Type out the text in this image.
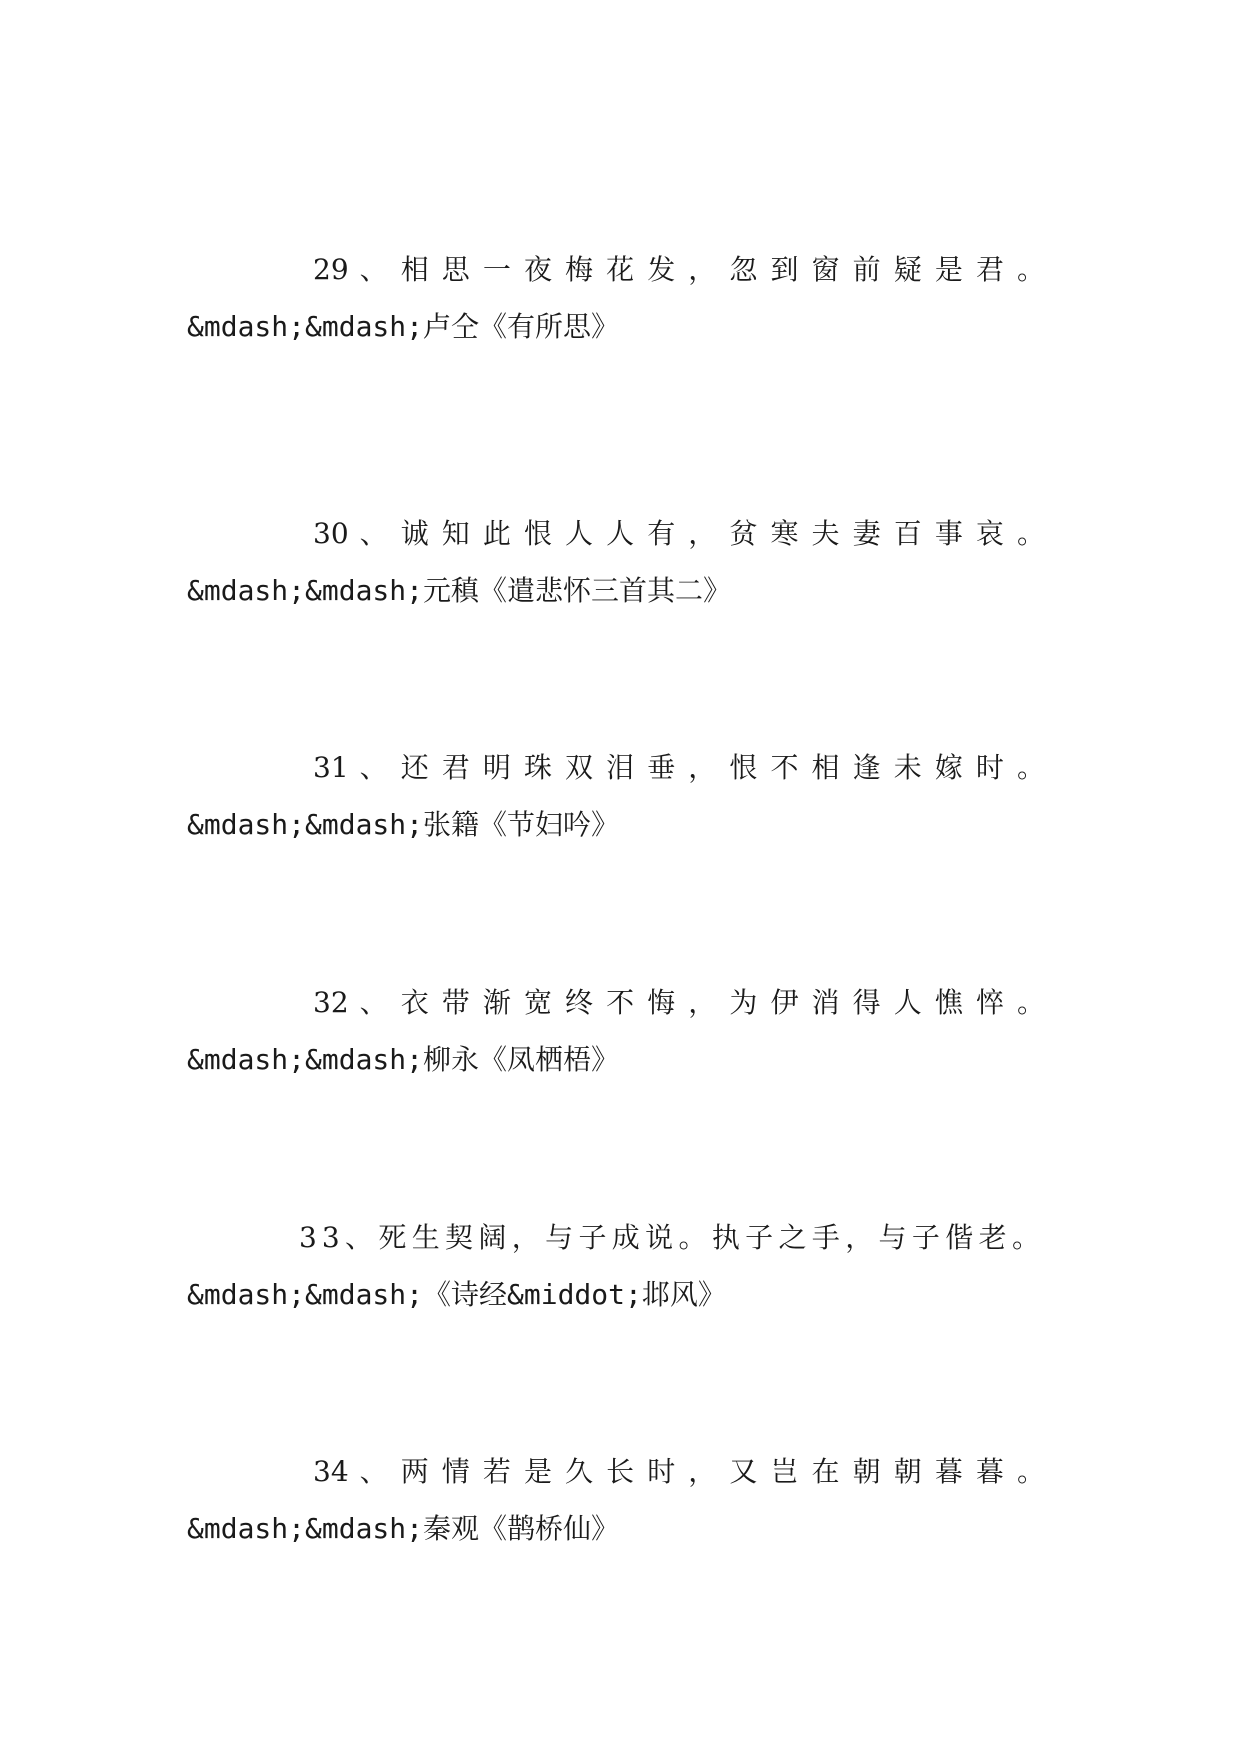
29 、 相 思 一 夜 梅 花 发 ， 忽 到 窗 前 疑 是 君 。
&mdash;&mdash;卢仝《有所思》
30 、 诚 知 此 恨 人 人 有 ， 贫 寒 夫 妻 百 事 哀 。
&mdash;&mdash;元稹《遣悲怀三首其二》
31 、 还 君 明 珠 双 泪 垂 ， 恨 不 相 逢 未 嫁 时 。
&mdash;&mdash;张籍《节妇吟》
32 、 衣 带 渐 宽 终 不 悔 ， 为 伊 消 得 人 憔 悴 。
&mdash;&mdash;柳永《凤栖梧》
33、死生契阔，与子成说。执子之手，与子偕老。
&mdash;&mdash;《诗经&middot;邶风》
34 、 两 情 若 是 久 长 时 ， 又 岂 在 朝 朝 暮 暮 。
&mdash;&mdash;秦观《鹊桥仙》
